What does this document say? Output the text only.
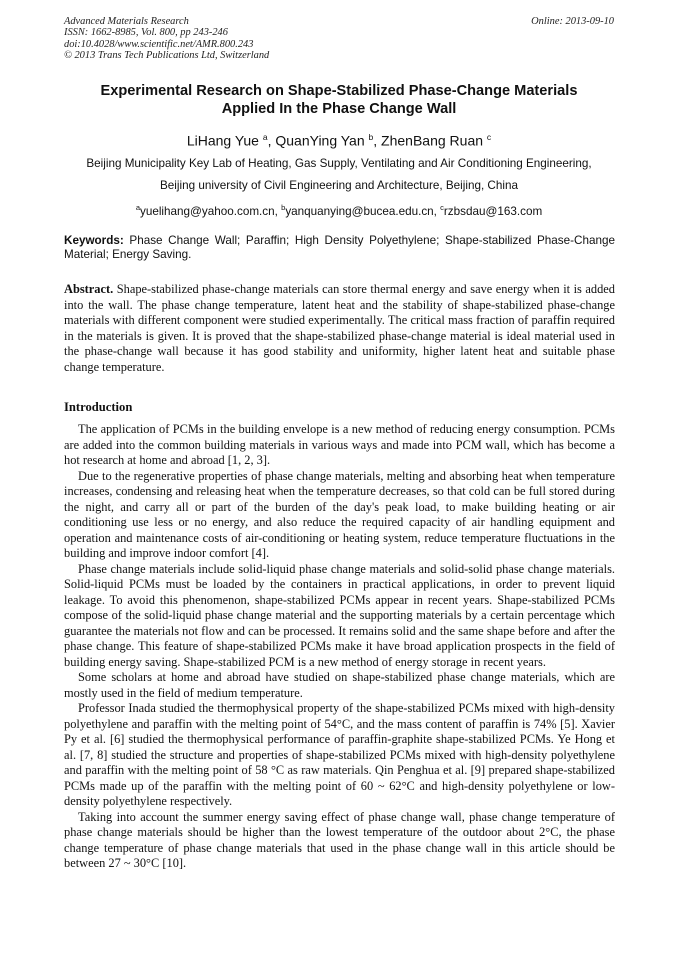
Advanced Materials Research
ISSN: 1662-8985, Vol. 800, pp 243-246
doi:10.4028/www.scientific.net/AMR.800.243
© 2013 Trans Tech Publications Ltd, Switzerland
Online: 2013-09-10
Experimental Research on Shape-Stabilized Phase-Change Materials
Applied In the Phase Change Wall
LiHang Yue $^a$, QuanYing Yan $^b$, ZhenBang Ruan $^c$
Beijing Municipality Key Lab of Heating, Gas Supply, Ventilating and Air Conditioning Engineering,
Beijing university of Civil Engineering and Architecture, Beijing, China
$^a$yuelihang@yahoo.com.cn, $^b$yanquanying@bucea.edu.cn, $^c$rzbsdau@163.com
Keywords: Phase Change Wall; Paraffin; High Density Polyethylene; Shape-stabilized Phase-Change Material; Energy Saving.

Abstract. Shape-stabilized phase-change materials can store thermal energy and save energy when it is added into the wall. The phase change temperature, latent heat and the stability of shape-stabilized phase-change materials with different component were studied experimentally. The critical mass fraction of paraffin required in the materials is given. It is proved that the shape-stabilized phase-change material is ideal material used in the phase-change wall because it has good stability and uniformity, higher latent heat and suitable phase change temperature.

Introduction

The application of PCMs in the building envelope is a new method of reducing energy consumption. PCMs are added into the common building materials in various ways and made into PCM wall, which has become a hot research at home and abroad [1, 2, 3].

Due to the regenerative properties of phase change materials, melting and absorbing heat when temperature increases, condensing and releasing heat when the temperature decreases, so that cold can be full stored during the night, and carry all or part of the burden of the day's peak load, to make building heating or air conditioning use less or no energy, and also reduce the required capacity of air handling equipment and operation and maintenance costs of air-conditioning or heating system, reduce temperature fluctuations in the building and improve indoor comfort [4].

Phase change materials include solid-liquid phase change materials and solid-solid phase change materials. Solid-liquid PCMs must be loaded by the containers in practical applications, in order to prevent liquid leakage. To avoid this phenomenon, shape-stabilized PCMs appear in recent years. Shape-stabilized PCMs compose of the solid-liquid phase change material and the supporting materials by a certain percentage which guarantee the materials not flow and can be processed. It remains solid and the same shape before and after the phase change. This feature of shape-stabilized PCMs make it have broad application prospects in the field of building energy saving. Shape-stabilized PCM is a new method of energy storage in recent years.

Some scholars at home and abroad have studied on shape-stabilized phase change materials, which are mostly used in the field of medium temperature.

Professor Inada studied the thermophysical property of the shape-stabilized PCMs mixed with high-density polyethylene and paraffin with the melting point of 54°C, and the mass content of paraffin is 74% [5]. Xavier Py et al. [6] studied the thermophysical performance of paraffin-graphite shape-stabilized PCMs. Ye Hong et al. [7, 8] studied the structure and properties of shape-stabilized PCMs mixed with high-density polyethylene and paraffin with the melting point of 58 °C as raw materials. Qin Penghua et al. [9] prepared shape-stabilized PCMs made up of the paraffin with the melting point of 60 ~ 62°C and high-density polyethylene or low-density polyethylene respectively.

Taking into account the summer energy saving effect of phase change wall, phase change temperature of phase change materials should be higher than the lowest temperature of the outdoor about 2°C, the phase change temperature of phase change materials that used in the phase change wall in this article should be between 27 ~ 30°C [10].
